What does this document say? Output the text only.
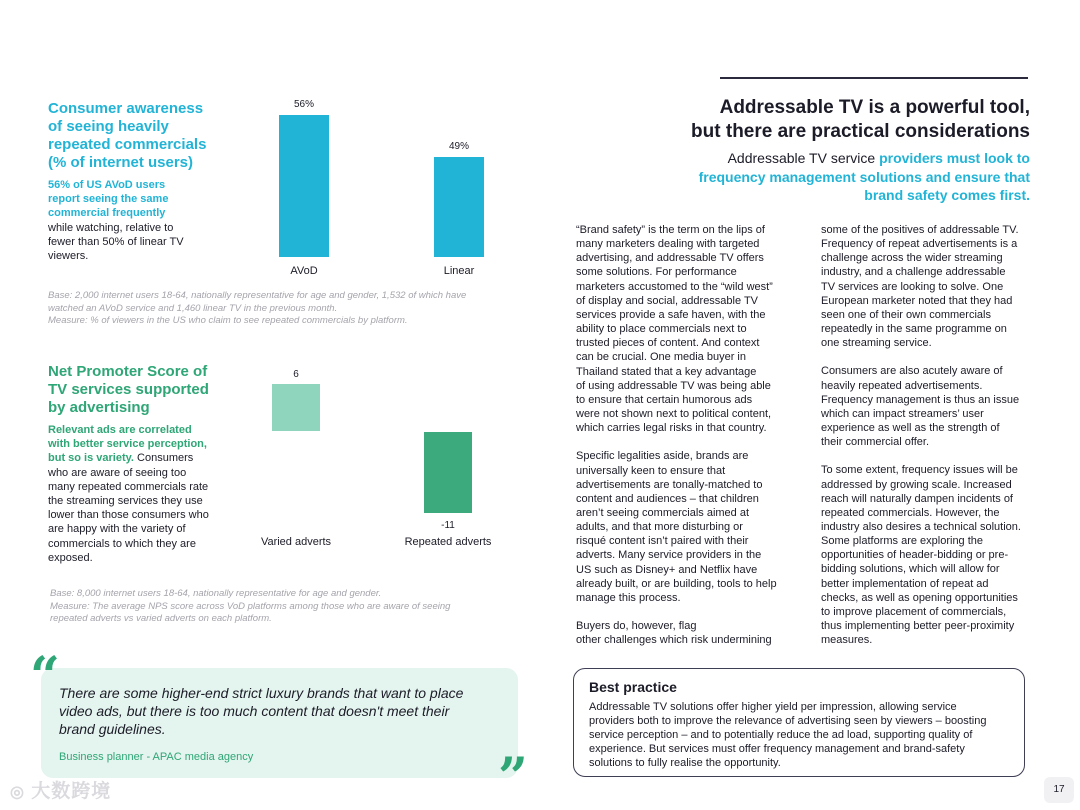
Consumer awareness
of seeing heavily
repeated commercials
(% of internet users)
56% of US AVoD users
report seeing the same
commercial frequently
while watching, relative to
fewer than 50% of linear TV
viewers.
56%
AVoD
49%
Linear
Base: 2,000 internet users 18-64, nationally representative for age and gender, 1,532 of which have
watched an AVoD service and 1,460 linear TV in the previous month.
Measure: % of viewers in the US who claim to see repeated commercials by platform.
Net Promoter Score of
TV services supported
by advertising
Relevant ads are correlated
with better service perception,
but so is variety. Consumers
who are aware of seeing too
many repeated commercials rate
the streaming services they use
lower than those consumers who
are happy with the variety of
commercials to which they are
exposed.
6
-11
Varied adverts	Repeated adverts
Base: 8,000 internet users 18-64, nationally representative for age and gender.
Measure: The average NPS score across VoD platforms among those who are aware of seeing
repeated adverts vs varied adverts on each platform.
“ There are some higher-end strict luxury brands that want to place
video ads, but there is too much content that doesn't meet their
brand guidelines.
Business planner - APAC media agency	”
Addressable TV is a powerful tool,
but there are practical considerations
Addressable TV service providers must look to
frequency management solutions and ensure that
brand safety comes first.

“Brand safety” is the term on the lips of
many marketers dealing with targeted
advertising, and addressable TV offers
some solutions. For performance
marketers accustomed to the “wild west”
of display and social, addressable TV
services provide a safe haven, with the
ability to place commercials next to
trusted pieces of content. And context
can be crucial. One media buyer in
Thailand stated that a key advantage
of using addressable TV was being able
to ensure that certain humorous ads
were not shown next to political content,
which carries legal risks in that country.

Specific legalities aside, brands are
universally keen to ensure that
advertisements are tonally-matched to
content and audiences – that children
aren’t seeing commercials aimed at
adults, and that more disturbing or
risqué content isn’t paired with their
adverts. Many service providers in the
US such as Disney+ and Netflix have
already built, or are building, tools to help
manage this process.

Buyers do, however, flag
other challenges which risk undermining

some of the positives of addressable TV.
Frequency of repeat advertisements is a
challenge across the wider streaming
industry, and a challenge addressable
TV services are looking to solve. One
European marketer noted that they had
seen one of their own commercials
repeatedly in the same programme on
one streaming service.

Consumers are also acutely aware of
heavily repeated advertisements.
Frequency management is thus an issue
which can impact streamers’ user
experience as well as the strength of
their commercial offer.

To some extent, frequency issues will be
addressed by growing scale. Increased
reach will naturally dampen incidents of
repeated commercials. However, the
industry also desires a technical solution.
Some platforms are exploring the
opportunities of header-bidding or pre-
bidding solutions, which will allow for
better implementation of repeat ad
checks, as well as opening opportunities
to improve placement of commercials,
thus implementing better peer-proximity
measures.

Best practice
Addressable TV solutions offer higher yield per impression, allowing service
providers both to improve the relevance of advertising seen by viewers – boosting
service perception – and to potentially reduce the ad load, supporting quality of
experience. But services must offer frequency management and brand-safety
solutions to fully realise the opportunity.
◎ 大数跨境	17
